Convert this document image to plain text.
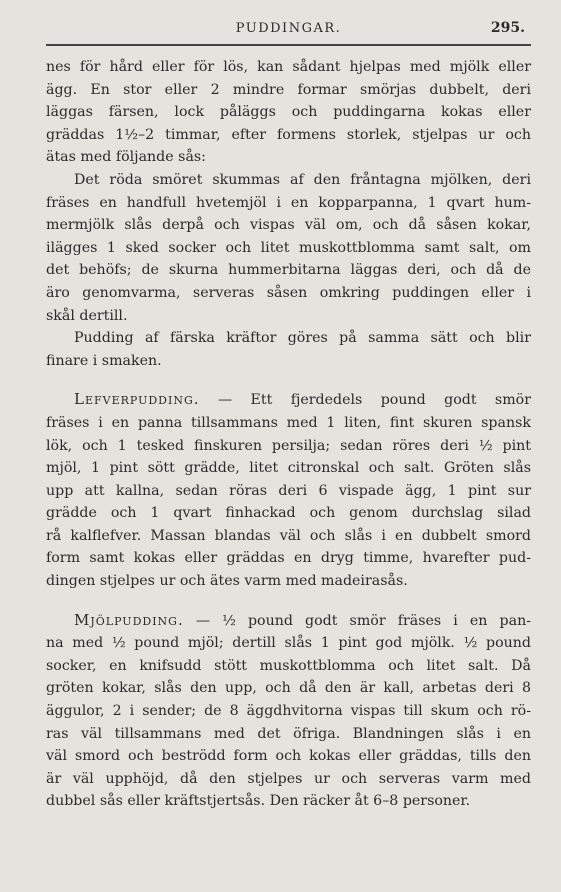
PUDDINGAR.	295.
nes för hård eller för lös, kan sådant hjelpas med mjölk eller
ägg. En stor eller 2 mindre formar smörjas dubbelt, deri
läggas färsen, lock påläggs och puddingarna kokas eller
gräddas 1½–2 timmar, efter formens storlek, stjelpas ur och
ätas med följande sås:
Det röda smöret skummas af den fråntagna mjölken, deri
fräses en handfull hvetemjöl i en kopparpanna, 1 qvart hum-
mermjölk slås derpå och vispas väl om, och då såsen kokar,
ilägges 1 sked socker och litet muskottblomma samt salt, om
det behöfs; de skurna hummerbitarna läggas deri, och då de
äro genomvarma, serveras såsen omkring puddingen eller i
skål dertill.
Pudding af färska kräftor göres på samma sätt och blir
finare i smaken.
Lefverpudding. — Ett fjerdedels pound godt smör
fräses i en panna tillsammans med 1 liten, fint skuren spansk
lök, och 1 tesked finskuren persilja; sedan röres deri ½ pint
mjöl, 1 pint sött grädde, litet citronskal och salt. Gröten slås
upp att kallna, sedan röras deri 6 vispade ägg, 1 pint sur
grädde och 1 qvart finhackad och genom durchslag silad
rå kalflefver. Massan blandas väl och slås i en dubbelt smord
form samt kokas eller gräddas en dryg timme, hvarefter pud-
dingen stjelpes ur och ätes varm med madeirasås.
Mjölpudding. — ½ pound godt smör fräses i en pan-
na med ½ pound mjöl; dertill slås 1 pint god mjölk. ½ pound
socker, en knifsudd stött muskottblomma och litet salt. Då
gröten kokar, slås den upp, och då den är kall, arbetas deri 8
äggulor, 2 i sender; de 8 äggdhvitorna vispas till skum och rö-
ras väl tillsammans med det öfriga. Blandningen slås i en
väl smord och beströdd form och kokas eller gräddas, tills den
är väl upphöjd, då den stjelpes ur och serveras varm med
dubbel sås eller kräftstjertsås. Den räcker åt 6–8 personer.
